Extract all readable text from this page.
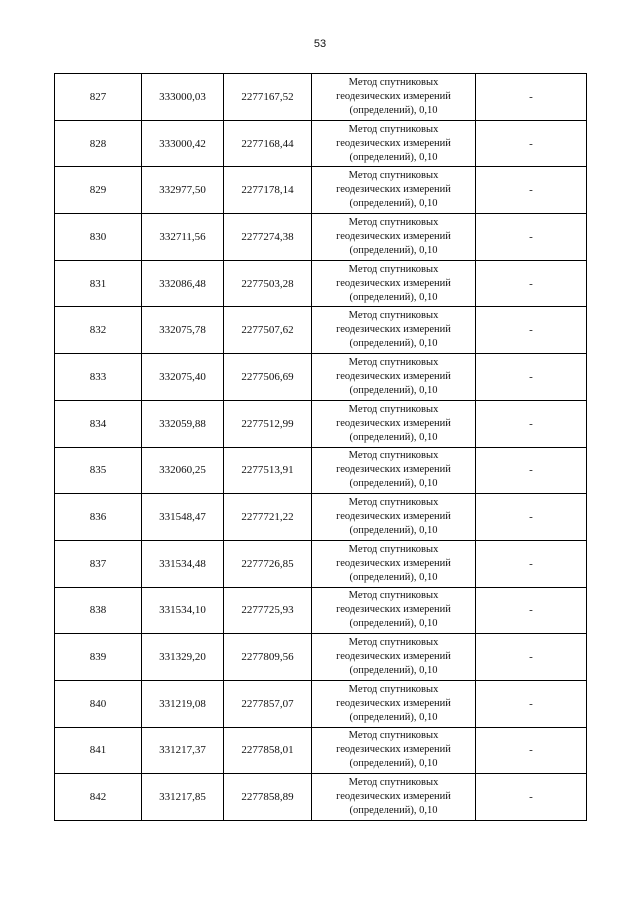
53
827	333000,03	2277167,52	Метод спутниковых
геодезических измерений
(определений), 0,10	-
828	333000,42	2277168,44	Метод спутниковых
геодезических измерений
(определений), 0,10	-
829	332977,50	2277178,14	Метод спутниковых
геодезических измерений
(определений), 0,10	-
830	332711,56	2277274,38	Метод спутниковых
геодезических измерений
(определений), 0,10	-
831	332086,48	2277503,28	Метод спутниковых
геодезических измерений
(определений), 0,10	-
832	332075,78	2277507,62	Метод спутниковых
геодезических измерений
(определений), 0,10	-
833	332075,40	2277506,69	Метод спутниковых
геодезических измерений
(определений), 0,10	-
834	332059,88	2277512,99	Метод спутниковых
геодезических измерений
(определений), 0,10	-
835	332060,25	2277513,91	Метод спутниковых
геодезических измерений
(определений), 0,10	-
836	331548,47	2277721,22	Метод спутниковых
геодезических измерений
(определений), 0,10	-
837	331534,48	2277726,85	Метод спутниковых
геодезических измерений
(определений), 0,10	-
838	331534,10	2277725,93	Метод спутниковых
геодезических измерений
(определений), 0,10	-
839	331329,20	2277809,56	Метод спутниковых
геодезических измерений
(определений), 0,10	-
840	331219,08	2277857,07	Метод спутниковых
геодезических измерений
(определений), 0,10	-
841	331217,37	2277858,01	Метод спутниковых
геодезических измерений
(определений), 0,10	-
842	331217,85	2277858,89	Метод спутниковых
геодезических измерений
(определений), 0,10	-
